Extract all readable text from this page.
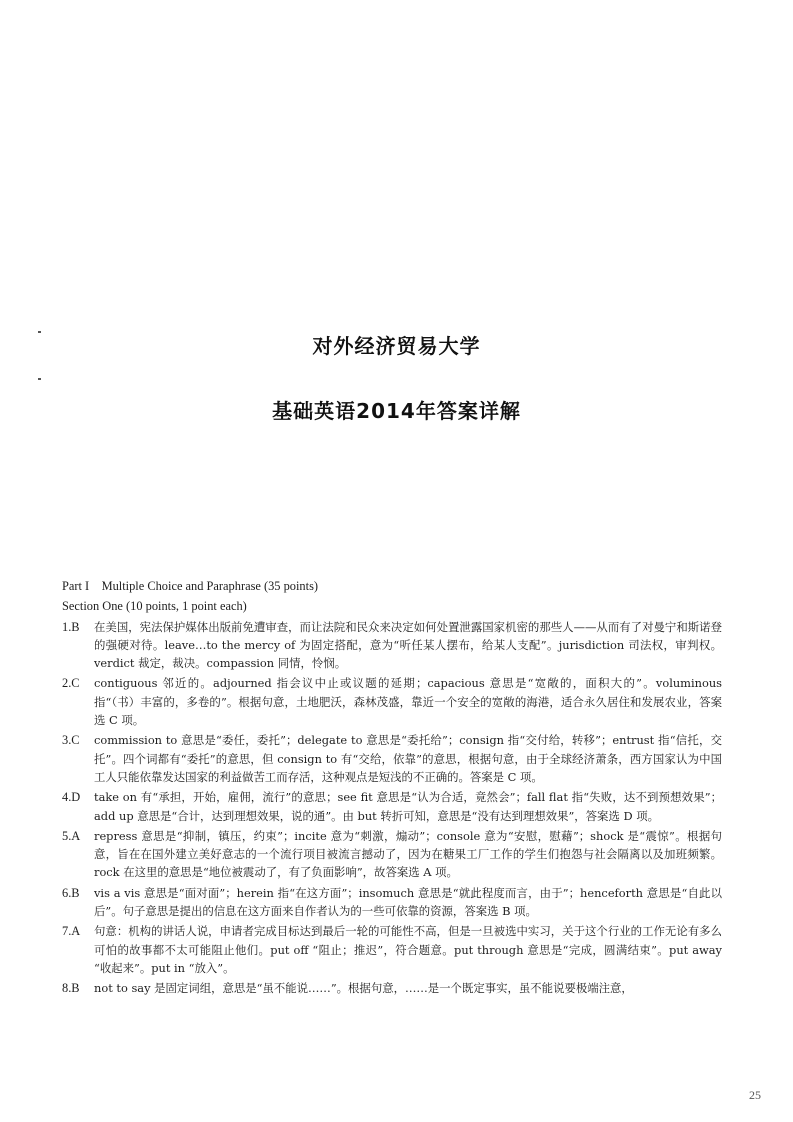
对外经济贸易大学
基础英语2014年答案详解

Part I    Multiple Choice and Paraphrase (35 points)

Section One (10 points, 1 point each)

1.B	在美国，宪法保护媒体出版前免遭审查，而让法院和民众来决定如何处置泄露国家机密的那些人——从而有了对曼宁和斯诺登的强硬对待。leave…to the mercy of 为固定搭配，意为“听任某人摆布，给某人支配”。jurisdiction 司法权，审判权。verdict 裁定，裁决。compassion 同情，怜悯。

2.C	contiguous 邻近的。adjourned 指会议中止或议题的延期；capacious 意思是“宽敞的，面积大的”。voluminous 指“（书）丰富的，多卷的”。根据句意，土地肥沃，森林茂盛，靠近一个安全的宽敞的海港，适合永久居住和发展农业，答案选 C 项。

3.C	commission to 意思是“委任，委托”；delegate to 意思是“委托给”；consign 指“交付给，转移”；entrust 指“信托，交托”。四个词都有“委托”的意思，但 consign to 有“交给，依靠”的意思，根据句意，由于全球经济萧条，西方国家认为中国工人只能依靠发达国家的利益做苦工而存活，这种观点是短浅的不正确的。答案是 C 项。

4.D	take on 有“承担，开始，雇佣，流行”的意思；see fit 意思是“认为合适，竟然会”；fall flat 指“失败，达不到预想效果”；add up 意思是“合计，达到理想效果，说的通”。由 but 转折可知，意思是“没有达到理想效果”，答案选 D 项。

5.A	repress 意思是“抑制，镇压，约束”；incite 意为“刺激，煽动”；console 意为“安慰，慰藉”；shock 是“震惊”。根据句意，旨在在国外建立美好意志的一个流行项目被流言撼动了，因为在糖果工厂工作的学生们抱怨与社会隔离以及加班频繁。rock 在这里的意思是“地位被震动了，有了负面影响”，故答案选 A 项。

6.B	vis a vis 意思是“面对面”；herein 指“在这方面”；insomuch 意思是“就此程度而言，由于”；henceforth 意思是“自此以后”。句子意思是提出的信息在这方面来自作者认为的一些可依靠的资源，答案选 B 项。

7.A	句意：机构的讲话人说，申请者完成目标达到最后一轮的可能性不高，但是一旦被选中实习，关于这个行业的工作无论有多么可怕的故事都不太可能阻止他们。put off “阻止；推迟”，符合题意。put through 意思是“完成，圆满结束”。put away “收起来”。put in “放入”。

8.B	not to say 是固定词组，意思是“虽不能说……”。根据句意，……是一个既定事实，虽不能说要极端注意，

25
